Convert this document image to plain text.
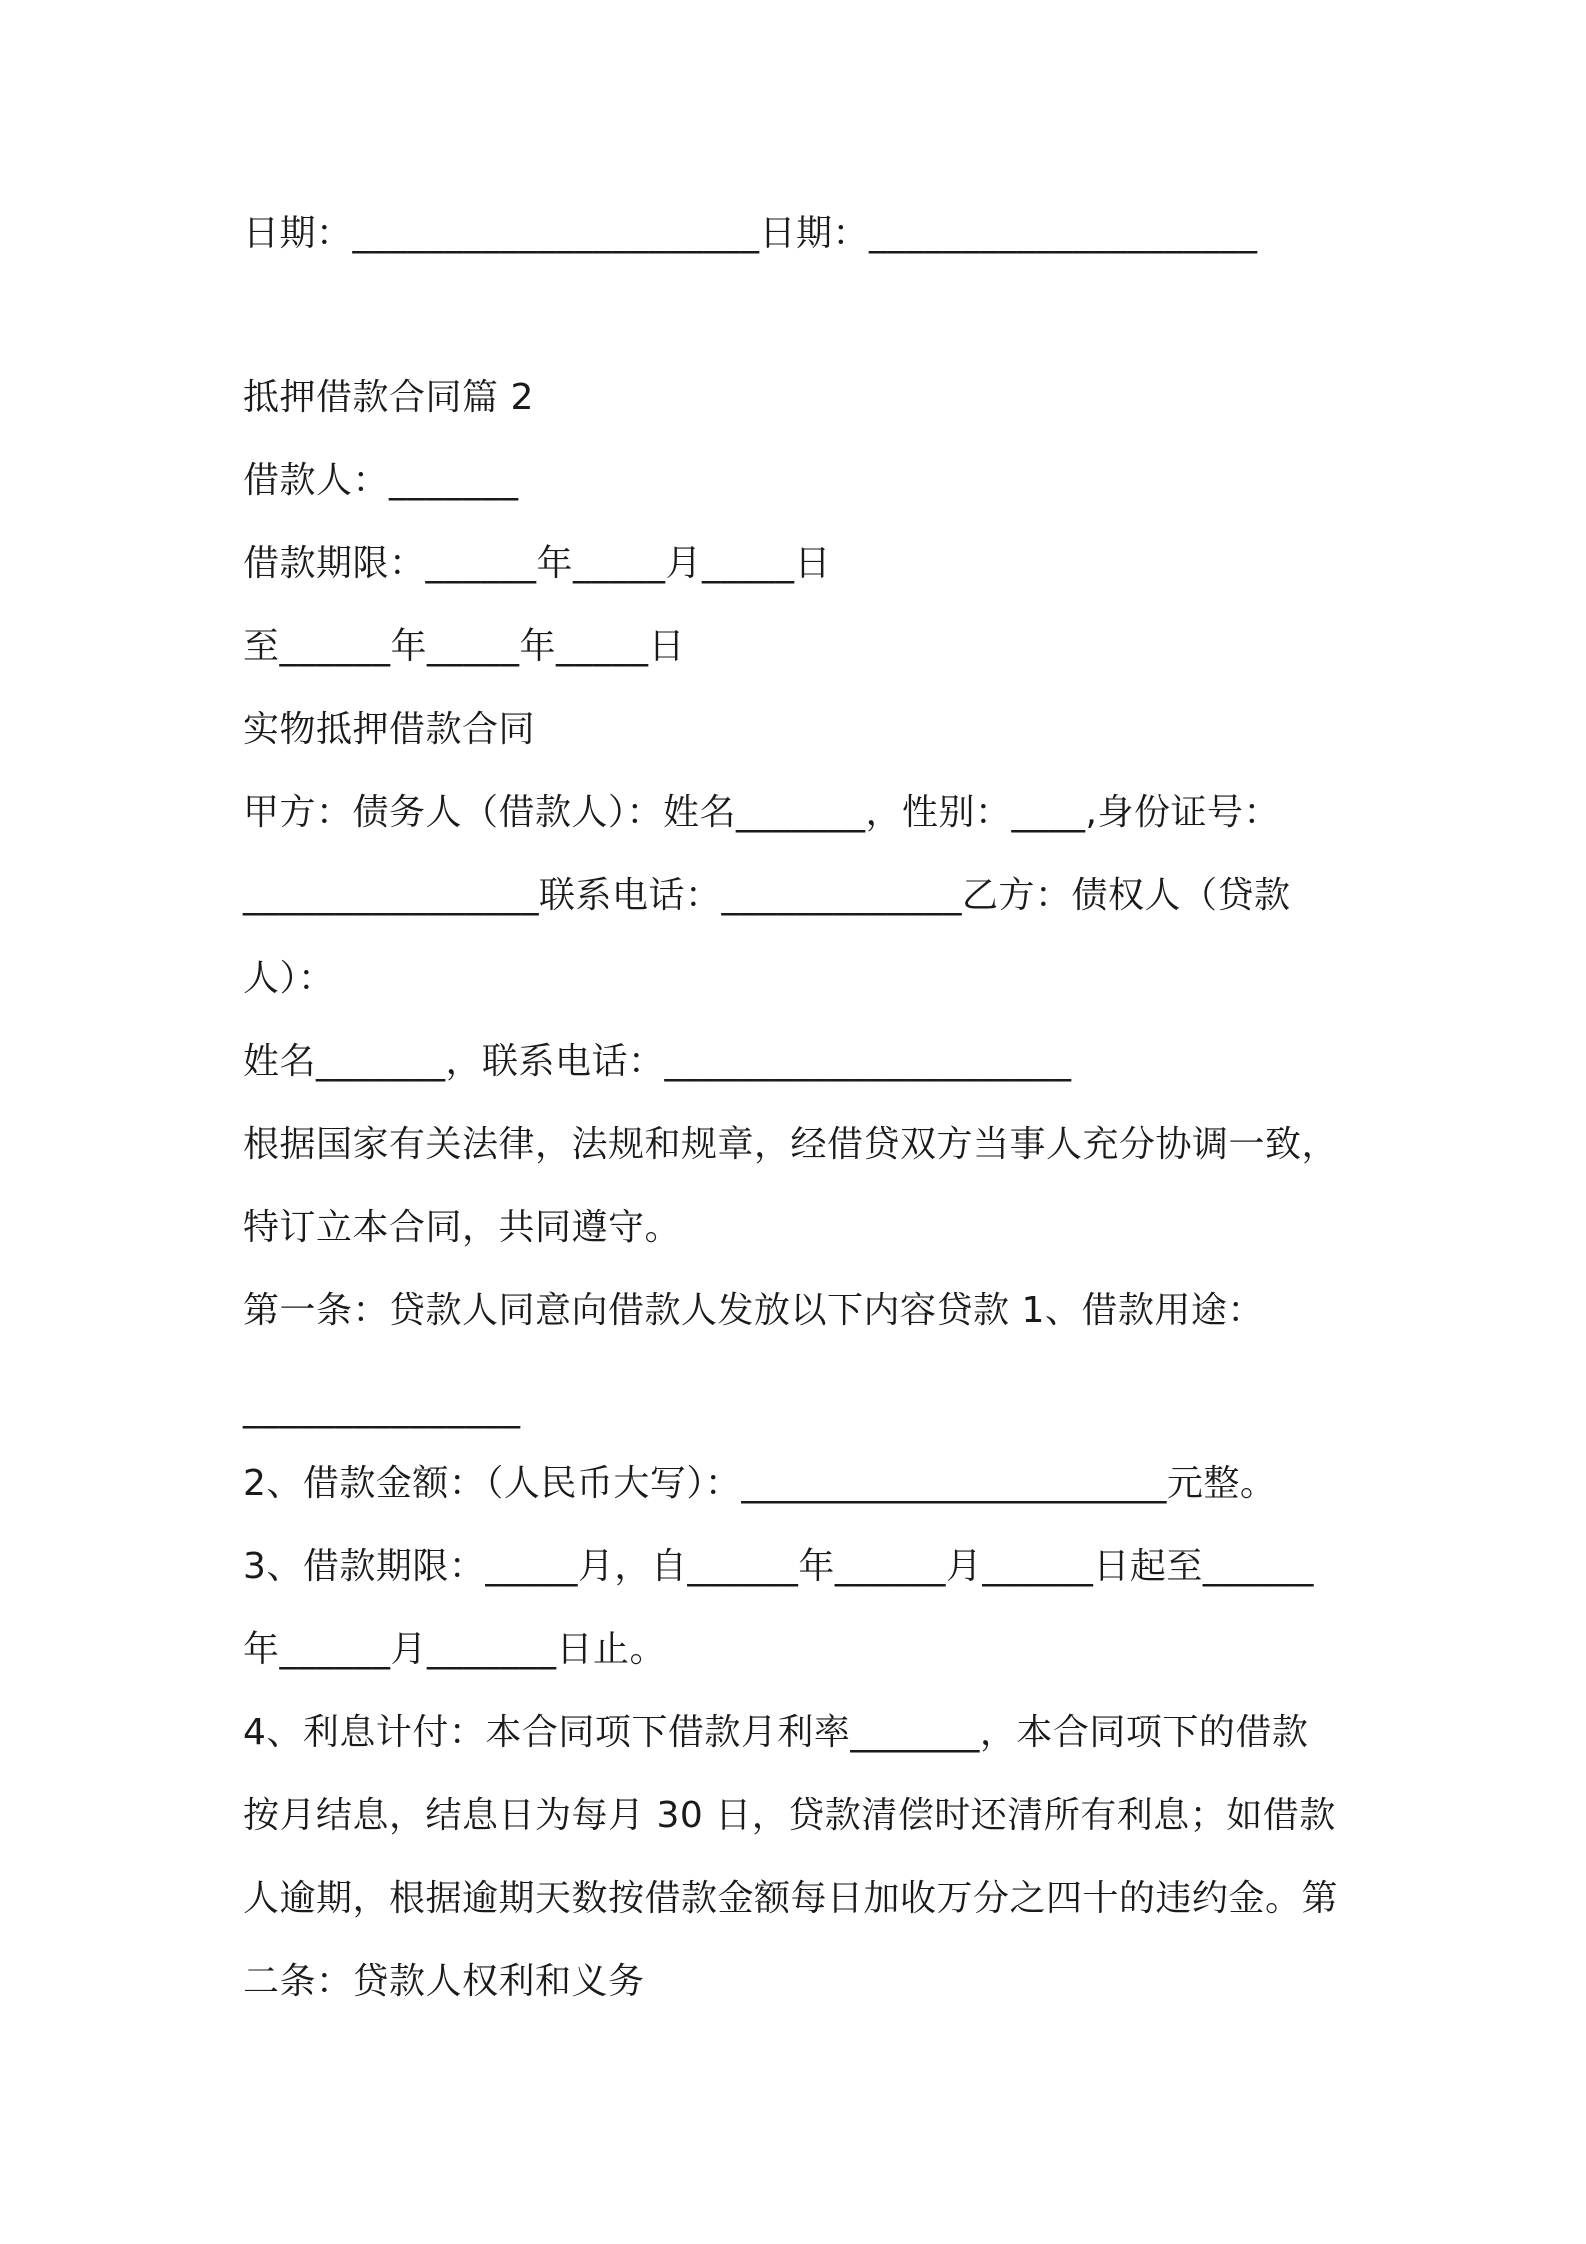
日期：______________________日期：_____________________
抵押借款合同篇 2
借款人：_______
借款期限：______年_____月_____日
至______年_____年_____日
实物抵押借款合同
甲方：债务人（借款人）：姓名_______，性别：____,身份证号：
________________联系电话：_____________乙方：债权人（贷款
人）：
姓名_______，联系电话：______________________
根据国家有关法律，法规和规章，经借贷双方当事人充分协调一致，
特订立本合同，共同遵守。
第一条：贷款人同意向借款人发放以下内容贷款 1、借款用途：
_______________
2、借款金额：（人民币大写）：_______________________元整。
3、借款期限：_____月，自______年______月______日起至______
年______月_______日止。
4、利息计付：本合同项下借款月利率_______，本合同项下的借款
按月结息，结息日为每月 30 日，贷款清偿时还清所有利息；如借款
人逾期，根据逾期天数按借款金额每日加收万分之四十的违约金。第
二条：贷款人权利和义务
